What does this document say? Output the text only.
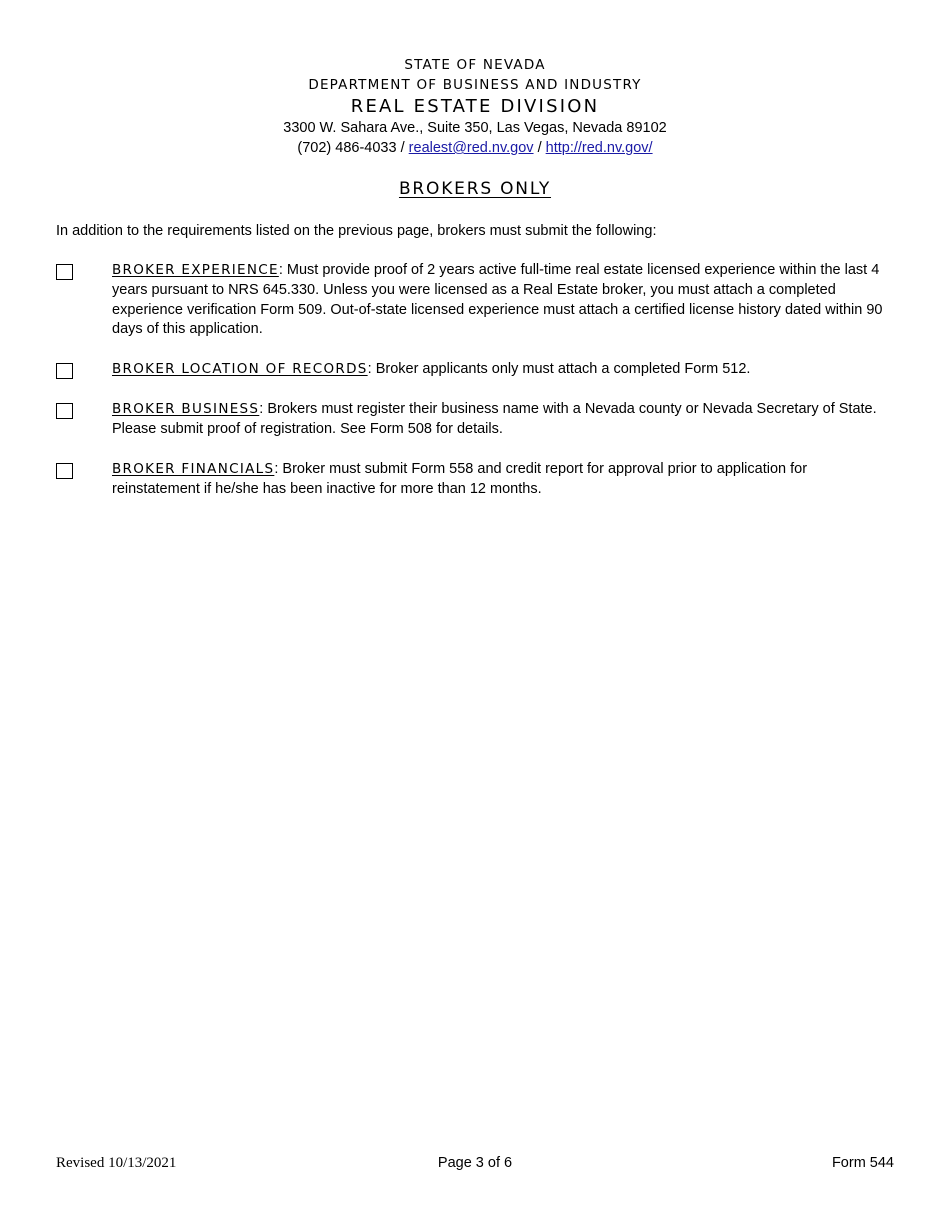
STATE OF NEVADA
DEPARTMENT OF BUSINESS AND INDUSTRY
REAL ESTATE DIVISION
3300 W. Sahara Ave., Suite 350, Las Vegas, Nevada 89102
(702) 486-4033 / realest@red.nv.gov / http://red.nv.gov/
BROKERS ONLY
In addition to the requirements listed on the previous page, brokers must submit the following:
BROKER EXPERIENCE: Must provide proof of 2 years active full-time real estate licensed experience within the last 4 years pursuant to NRS 645.330. Unless you were licensed as a Real Estate broker, you must attach a completed experience verification Form 509. Out-of-state licensed experience must attach a certified license history dated within 90 days of this application.
BROKER LOCATION OF RECORDS: Broker applicants only must attach a completed Form 512.
BROKER BUSINESS: Brokers must register their business name with a Nevada county or Nevada Secretary of State. Please submit proof of registration. See Form 508 for details.
BROKER FINANCIALS: Broker must submit Form 558 and credit report for approval prior to application for reinstatement if he/she has been inactive for more than 12 months.
Revised 10/13/2021	Page 3 of 6	Form 544
